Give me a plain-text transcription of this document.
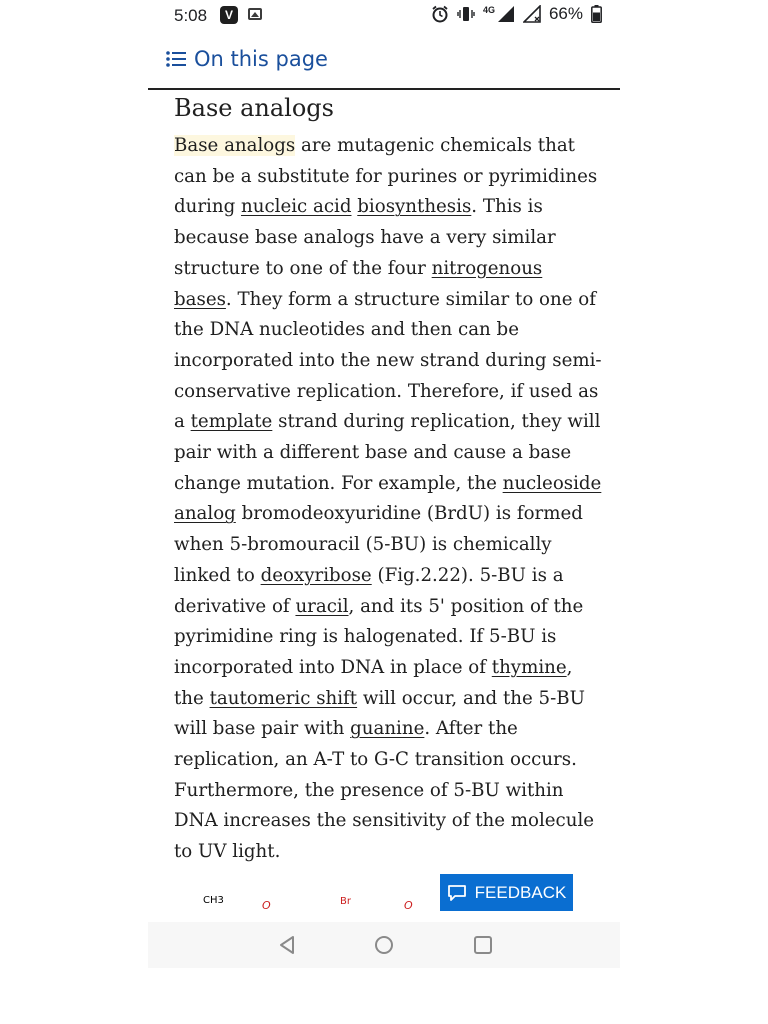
5:08	V	4G	66%
On this page
Base analogs
Base analogs are mutagenic chemicals that can be a substitute for purines or pyrimidines during nucleic acid biosynthesis. This is because base analogs have a very similar structure to one of the four nitrogenous bases. They form a structure similar to one of the DNA nucleotides and then can be incorporated into the new strand during semi-conservative replication. Therefore, if used as a template strand during replication, they will pair with a different base and cause a base change mutation. For example, the nucleoside analog bromodeoxyuridine (BrdU) is formed when 5-bromouracil (5-BU) is chemically linked to deoxyribose (Fig.2.22). 5-BU is a derivative of uracil, and its 5' position of the pyrimidine ring is halogenated. If 5-BU is incorporated into DNA in place of thymine, the tautomeric shift will occur, and the 5-BU will base pair with guanine. After the replication, an A-T to G-C transition occurs. Furthermore, the presence of 5-BU within DNA increases the sensitivity of the molecule to UV light.
CH3	O	Br	O
FEEDBACK
